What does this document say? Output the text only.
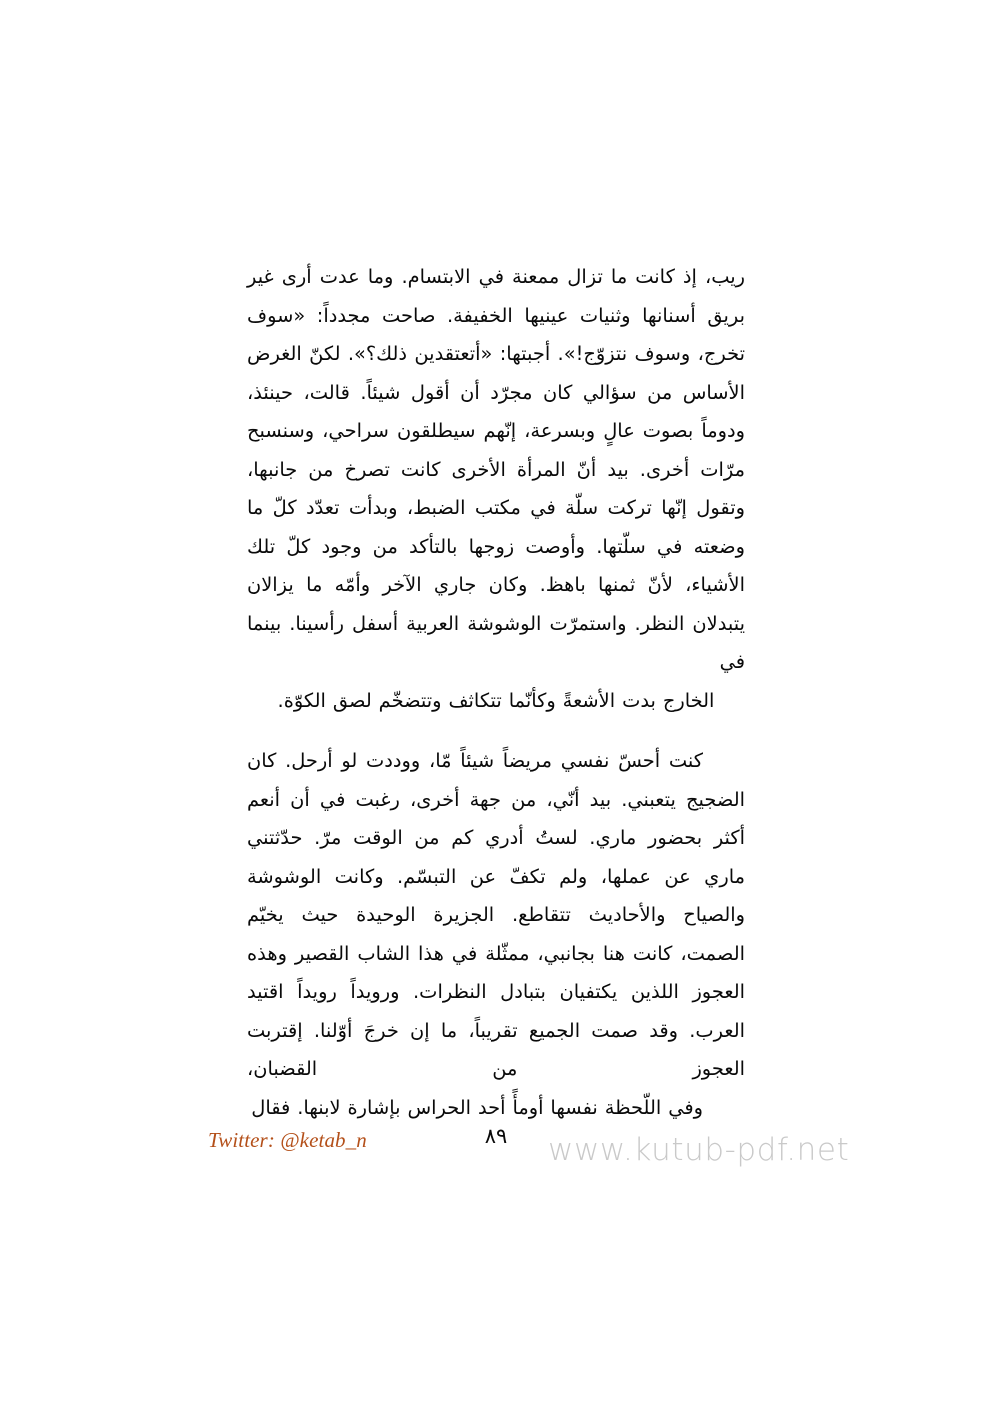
ريب، إذ كانت ما تزال ممعنة في الابتسام. وما عدت أرى غير بريق أسنانها وثنيات عينيها الخفيفة. صاحت مجدداً: «سوف تخرج، وسوف نتزوّج!». أجبتها: «أتعتقدين ذلك؟». لكنّ الغرض الأساس من سؤالي كان مجرّد أن أقول شيئاً. قالت، حينئذ، ودوماً بصوت عالٍ وبسرعة، إنّهم سيطلقون سراحي، وسنسبح مرّات أخرى. بيد أنّ المرأة الأخرى كانت تصرخ من جانبها، وتقول إنّها تركت سلّة في مكتب الضبط، وبدأت تعدّد كلّ ما وضعته في سلّتها. وأوصت زوجها بالتأكد من وجود كلّ تلك الأشياء، لأنّ ثمنها باهظ. وكان جاري الآخر وأمّه ما يزالان يتبدلان النظر. واستمرّت الوشوشة العربية أسفل رأسينا. بينما في
الخارج بدت الأشعةً وكأنّما تتكاثف وتتضخّم لصق الكوّة.

كنت أحسّ نفسي مريضاً شيئاً مّا، ووددت لو أرحل. كان الضجيج يتعبني. بيد أنّي، من جهة أخرى، رغبت في أن أنعم أكثر بحضور ماري. لستُ أدري كم من الوقت مرّ. حدّثتني ماري عن عملها، ولم تكفّ عن التبسّم. وكانت الوشوشة والصياح والأحاديث تتقاطع. الجزيرة الوحيدة حيث يخيّم الصمت، كانت هنا بجانبي، ممثّلة في هذا الشاب القصير وهذه العجوز اللذين يكتفيان بتبادل النظرات. ورويداً رويداً اقتيد العرب. وقد صمت الجميع تقريباً، ما إن خرجَ أوّلنا. إقتربت العجوز من القضبان،
وفي اللّحظة نفسها أومأً أحد الحراس بإشارة لابنها. فقال

Twitter: @ketab_n	٨٩	www.kutub-pdf.net
